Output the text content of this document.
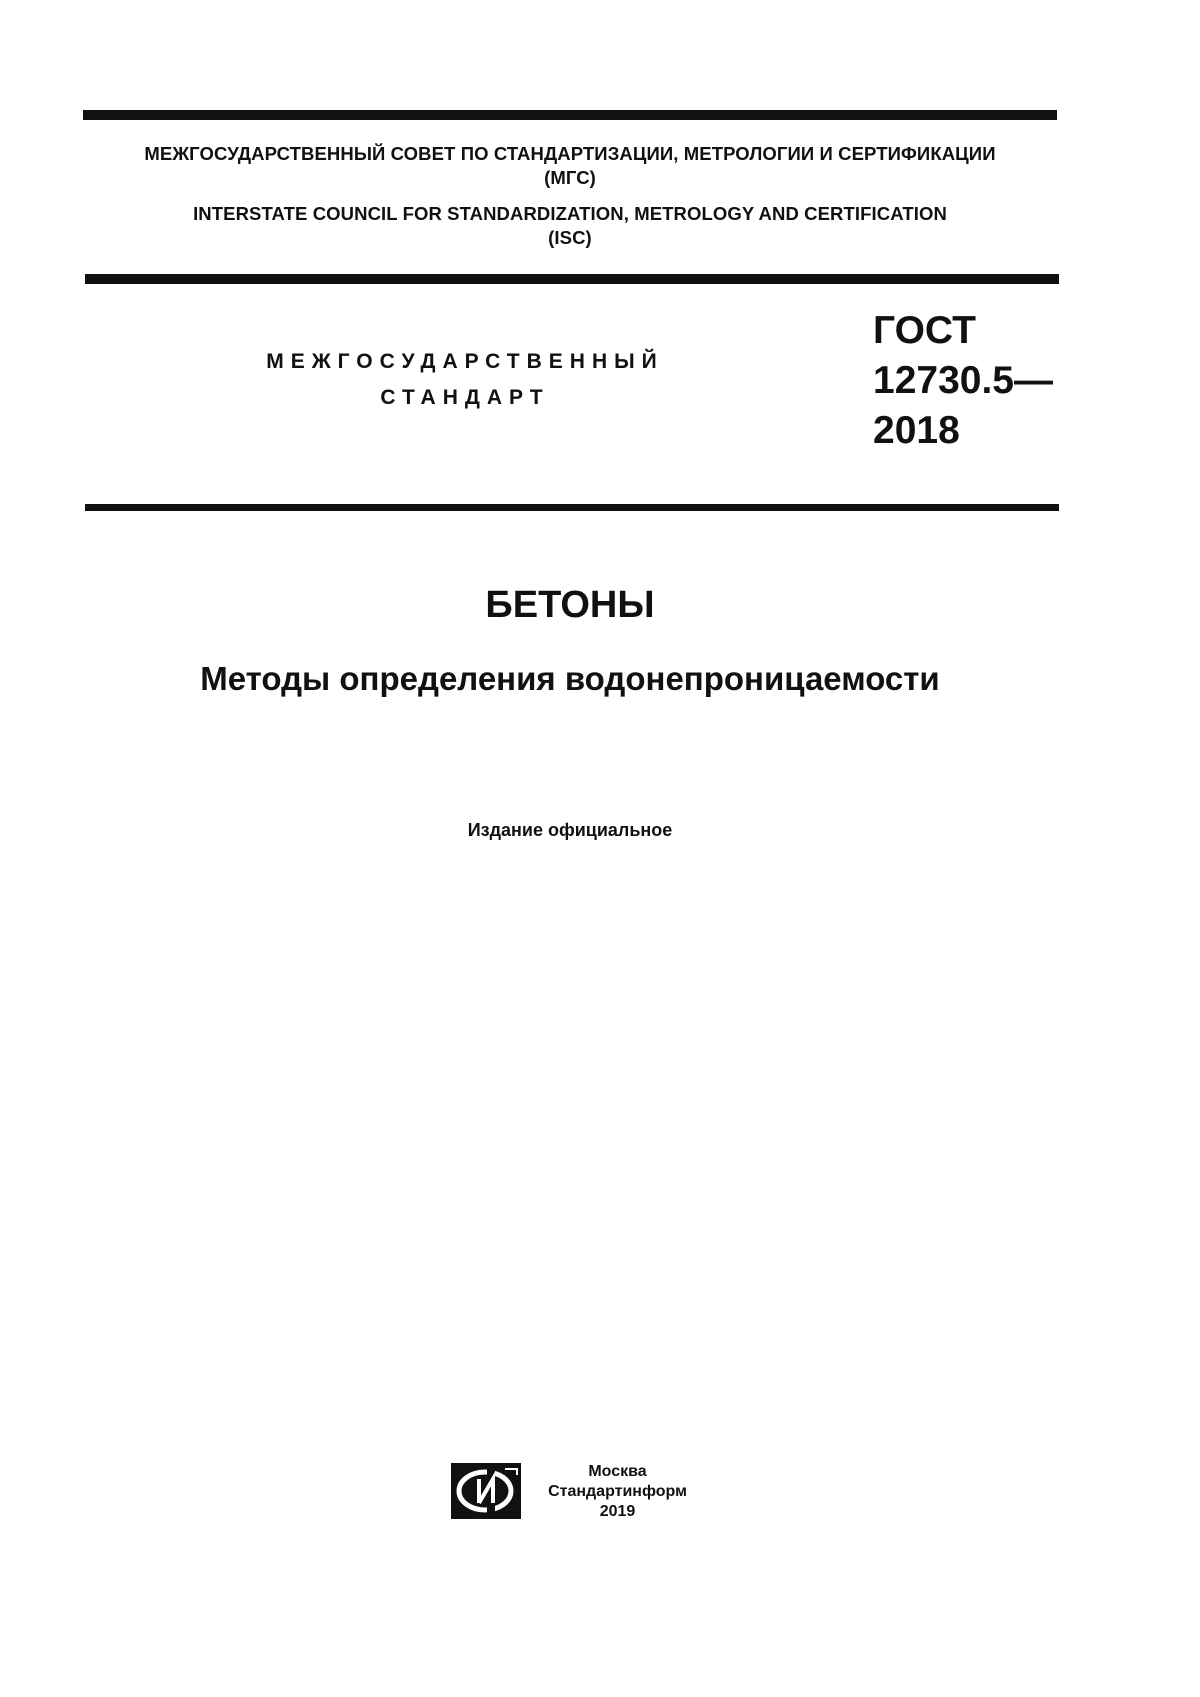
МЕЖГОСУДАРСТВЕННЫЙ СОВЕТ ПО СТАНДАРТИЗАЦИИ, МЕТРОЛОГИИ И СЕРТИФИКАЦИИ
(МГС)
INTERSTATE COUNCIL FOR STANDARDIZATION, METROLOGY AND CERTIFICATION
(ISC)
МЕЖГОСУДАРСТВЕННЫЙ
СТАНДАРТ
ГОСТ
12730.5—
2018
БЕТОНЫ
Методы определения водонепроницаемости
Издание официальное
Москва
Стандартинформ
2019
